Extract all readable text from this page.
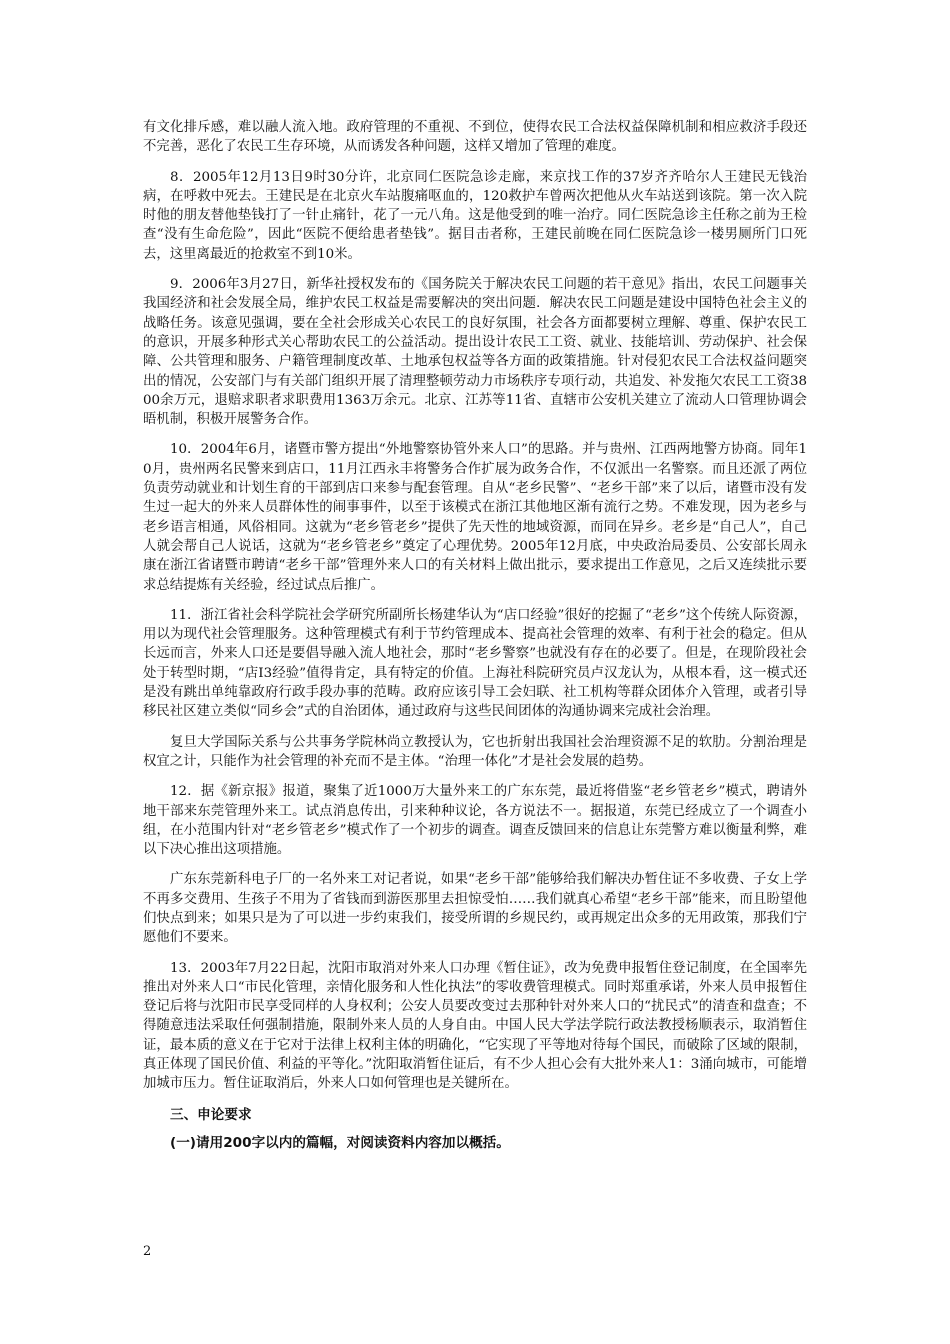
有文化排斥感，难以融人流入地。政府管理的不重视、不到位，使得农民工合法权益保障机制和相应救济手段还不完善，恶化了农民工生存环境，从而诱发各种问题，这样又增加了管理的难度。

8．2005年12月13日9时30分许，北京同仁医院急诊走廊，来京找工作的37岁齐齐哈尔人王建民无钱治病，在呼救中死去。王建民是在北京火车站腹痛呕血的，120救护车曾两次把他从火车站送到该院。第一次入院时他的朋友替他垫钱打了一针止痛针，花了一元八角。这是他受到的唯一治疗。同仁医院急诊主任称之前为王检查“没有生命危险”，因此“医院不便给患者垫钱”。据目击者称，王建民前晚在同仁医院急诊一楼男厕所门口死去，这里离最近的抢救室不到10米。

9．2006年3月27日，新华社授权发布的《国务院关于解决农民工问题的若干意见》指出，农民工问题事关我国经济和社会发展全局，维护农民工权益是需要解决的突出问题．解决农民工问题是建设中国特色社会主义的战略任务。该意见强调，要在全社会形成关心农民工的良好氛围，社会各方面都要树立理解、尊重、保护农民工的意识，开展多种形式关心帮助农民工的公益活动。提出设计农民工工资、就业、技能培训、劳动保护、社会保障、公共管理和服务、户籍管理制度改革、土地承包权益等各方面的政策措施。针对侵犯农民工合法权益问题突出的情况，公安部门与有关部门组织开展了清理整顿劳动力市场秩序专项行动，共追发、补发拖欠农民工工资3800余万元，退赔求职者求职费用1363万余元。北京、江苏等11省、直辖市公安机关建立了流动人口管理协调会晤机制，积极开展警务合作。

10．2004年6月，诸暨市警方提出“外地警察协管外来人口”的思路。并与贵州、江西两地警方协商。同年10月，贵州两名民警来到店口，11月江西永丰将警务合作扩展为政务合作，不仅派出一名警察。而且还派了两位负责劳动就业和计划生育的干部到店口来参与配套管理。自从“老乡民警”、“老乡干部”来了以后，诸暨市没有发生过一起大的外来人员群体性的闹事事件，以至于该模式在浙江其他地区渐有流行之势。不难发现，因为老乡与老乡语言相通，风俗相同。这就为“老乡管老乡”提供了先天性的地域资源，而同在异乡。老乡是“自己人”，自己人就会帮自己人说话，这就为“老乡管老乡”奠定了心理优势。2005年12月底，中央政治局委员、公安部长周永康在浙江省诸暨市聘请“老乡干部”管理外来人口的有关材料上做出批示，要求提出工作意见，之后又连续批示要求总结提炼有关经验，经过试点后推广。

11．浙江省社会科学院社会学研究所副所长杨建华认为“店口经验”很好的挖掘了“老乡”这个传统人际资源，用以为现代社会管理服务。这种管理模式有利于节约管理成本、提高社会管理的效率、有利于社会的稳定。但从长远而言，外来人口还是要倡导融入流人地社会，那时“老乡警察”也就没有存在的必要了。但是，在现阶段社会处于转型时期，“店I3经验”值得肯定，具有特定的价值。上海社科院研究员卢汉龙认为，从根本看，这一模式还是没有跳出单纯靠政府行政手段办事的范畴。政府应该引导工会妇联、社工机构等群众团体介入管理，或者引导移民社区建立类似“同乡会”式的自治团体，通过政府与这些民间团体的沟通协调来完成社会治理。

复旦大学国际关系与公共事务学院林尚立教授认为，它也折射出我国社会治理资源不足的软肋。分割治理是权宜之计，只能作为社会管理的补充而不是主体。“治理一体化”才是社会发展的趋势。

12．据《新京报》报道，聚集了近1000万大量外来工的广东东莞，最近将借鉴“老乡管老乡”模式，聘请外地干部来东莞管理外来工。试点消息传出，引来种种议论，各方说法不一。据报道，东莞已经成立了一个调查小组，在小范围内针对“老乡管老乡”模式作了一个初步的调查。调查反馈回来的信息让东莞警方难以衡量利弊，难以下决心推出这项措施。

广东东莞新科电子厂的一名外来工对记者说，如果“老乡干部”能够给我们解决办暂住证不多收费、子女上学不再多交费用、生孩子不用为了省钱而到游医那里去担惊受怕……我们就真心希望“老乡干部”能来，而且盼望他们快点到来；如果只是为了可以进一步约束我们，接受所谓的乡规民约，或再规定出众多的无用政策，那我们宁愿他们不要来。

13．2003年7月22日起，沈阳市取消对外来人口办理《暂住证》，改为免费申报暂住登记制度，在全国率先推出对外来人口“市民化管理，亲情化服务和人性化执法”的零收费管理模式。同时郑重承诺，外来人员申报暂住登记后将与沈阳市民享受同样的人身权利；公安人员要改变过去那种针对外来人口的“扰民式”的清查和盘查；不得随意违法采取任何强制措施，限制外来人员的人身自由。中国人民大学法学院行政法教授杨顺表示，取消暂住证，最本质的意义在于它对于法律上权利主体的明确化，“它实现了平等地对待每个国民，而破除了区域的限制，真正体现了国民价值、利益的平等化。”沈阳取消暂住证后，有不少人担心会有大批外来人1：3涌向城市，可能增加城市压力。暂住证取消后，外来人口如何管理也是关键所在。

三、申论要求
(一)请用200字以内的篇幅，对阅读资料内容加以概括。
2
